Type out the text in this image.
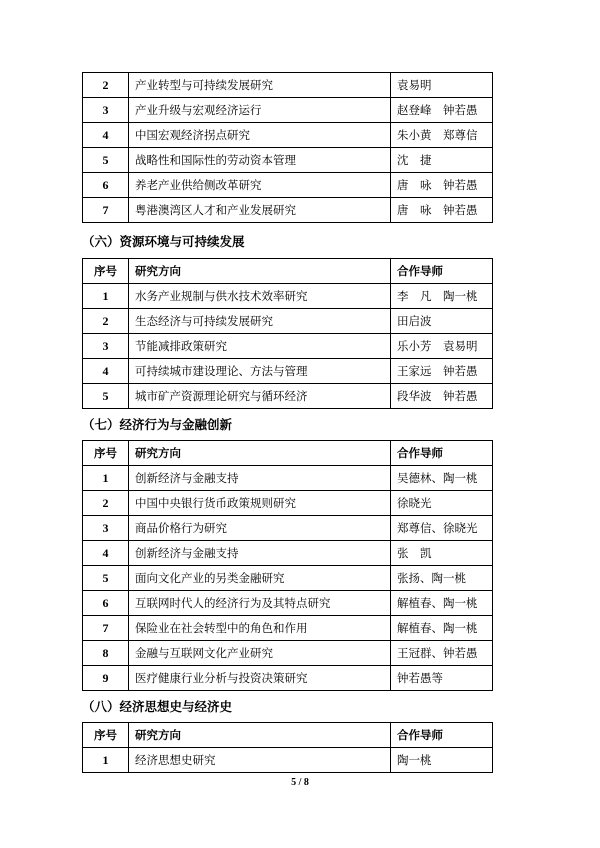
2	产业转型与可持续发展研究	袁易明
3	产业升级与宏观经济运行	赵登峰　钟若愚
4	中国宏观经济拐点研究	朱小黄　郑尊信
5	战略性和国际性的劳动资本管理	沈　捷
6	养老产业供给侧改革研究	唐　咏　钟若愚
7	粤港澳湾区人才和产业发展研究	唐　咏　钟若愚
（六）资源环境与可持续发展
序号	研究方向	合作导师
1	水务产业规制与供水技术效率研究	李　凡　陶一桃
2	生态经济与可持续发展研究	田启波
3	节能减排政策研究	乐小芳　袁易明
4	可持续城市建设理论、方法与管理	王家远　钟若愚
5	城市矿产资源理论研究与循环经济	段华波　钟若愚
（七）经济行为与金融创新
序号	研究方向	合作导师
1	创新经济与金融支持	吴德林、陶一桃
2	中国中央银行货币政策规则研究	徐晓光
3	商品价格行为研究	郑尊信、徐晓光
4	创新经济与金融支持	张　凯
5	面向文化产业的另类金融研究	张扬、陶一桃
6	互联网时代人的经济行为及其特点研究	解植春、陶一桃
7	保险业在社会转型中的角色和作用	解植春、陶一桃
8	金融与互联网文化产业研究	王冠群、钟若愚
9	医疗健康行业分析与投资决策研究	钟若愚等
（八）经济思想史与经济史
序号	研究方向	合作导师
1	经济思想史研究	陶一桃
5 / 8
